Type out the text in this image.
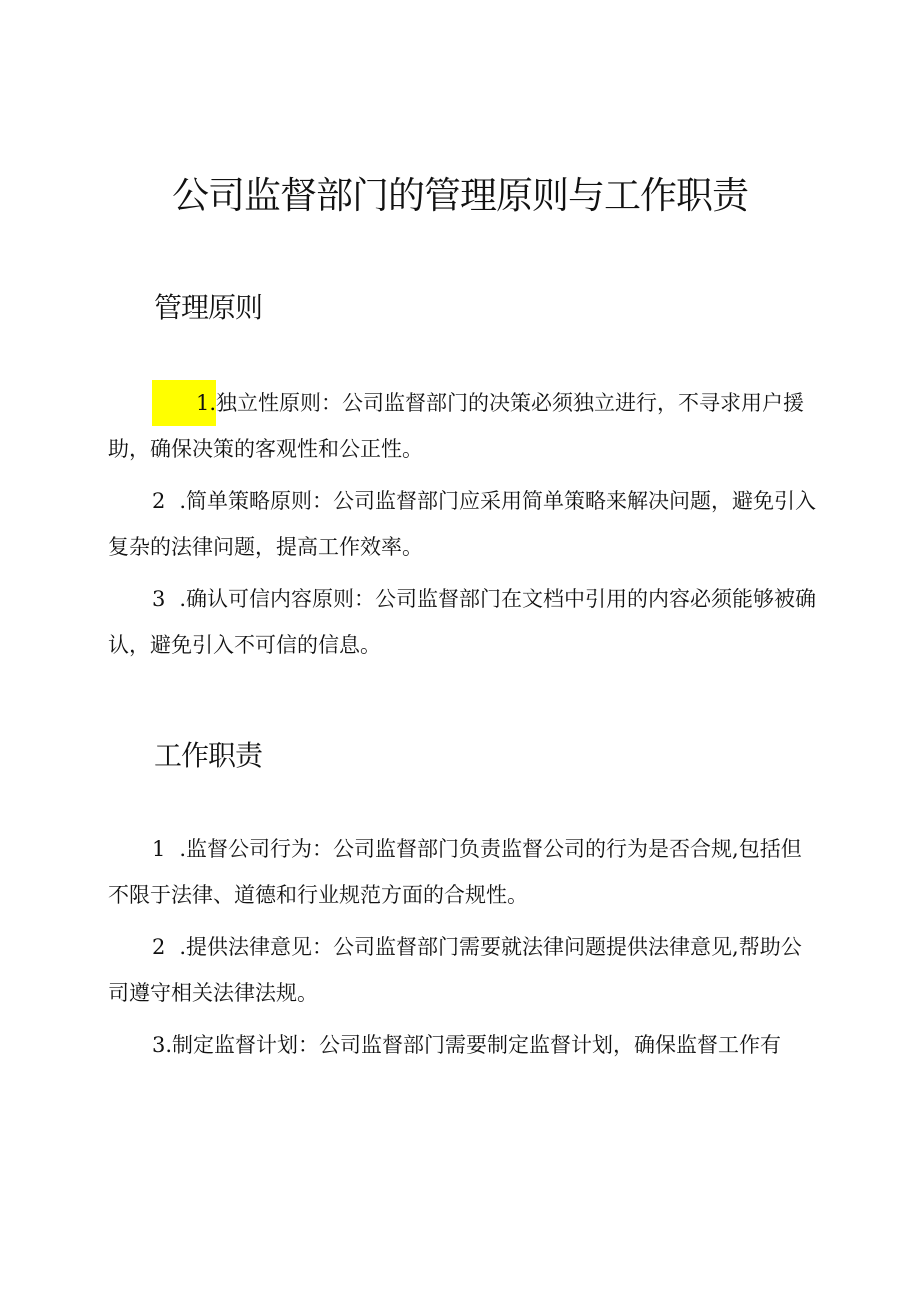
公司监督部门的管理原则与工作职责
管理原则

1.独立性原则：公司监督部门的决策必须独立进行，不寻求用户援助，确保决策的客观性和公正性。

2 .简单策略原则：公司监督部门应采用简单策略来解决问题，避免引入复杂的法律问题，提高工作效率。

3 .确认可信内容原则：公司监督部门在文档中引用的内容必须能够被确认，避免引入不可信的信息。

工作职责

1 .监督公司行为：公司监督部门负责监督公司的行为是否合规,包括但不限于法律、道德和行业规范方面的合规性。

2 .提供法律意见：公司监督部门需要就法律问题提供法律意见,帮助公司遵守相关法律法规。

3.制定监督计划：公司监督部门需要制定监督计划，确保监督工作有
